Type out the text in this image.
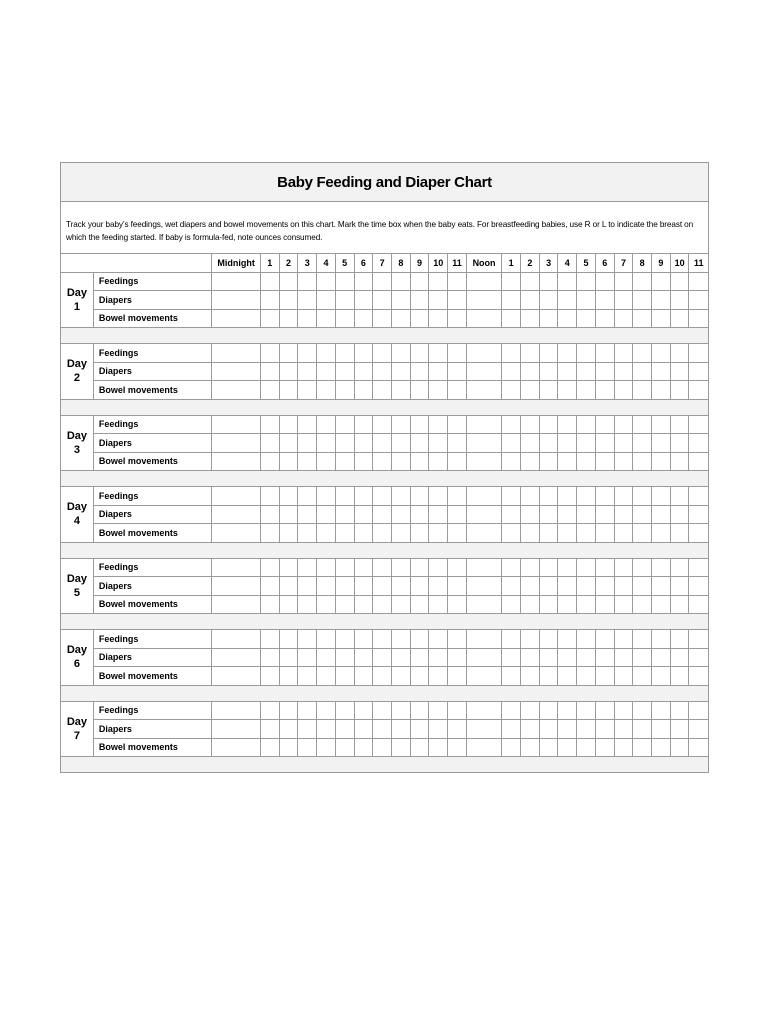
Baby Feeding and Diaper Chart
Track your baby’s feedings, wet diapers and bowel movements on this chart. Mark the time box when the baby eats. For breastfeeding babies, use R or L to indicate the breast on which the feeding started. If baby is formula-fed, note ounces consumed.
		Midnight	1	2	3	4	5	6	7	8	9	10	11	Noon	1	2	3	4	5	6	7	8	9	10	11

Day
1	Feedings																								
	Diapers																								
	Bowel movements																								

Day
2	Feedings																								
	Diapers																								
	Bowel movements																								

Day
3	Feedings																								
	Diapers																								
	Bowel movements																								

Day
4	Feedings																								
	Diapers																								
	Bowel movements																								

Day
5	Feedings																								
	Diapers																								
	Bowel movements																								

Day
6	Feedings																								
	Diapers																								
	Bowel movements																								

Day
7	Feedings																								
	Diapers																								
	Bowel movements																								
